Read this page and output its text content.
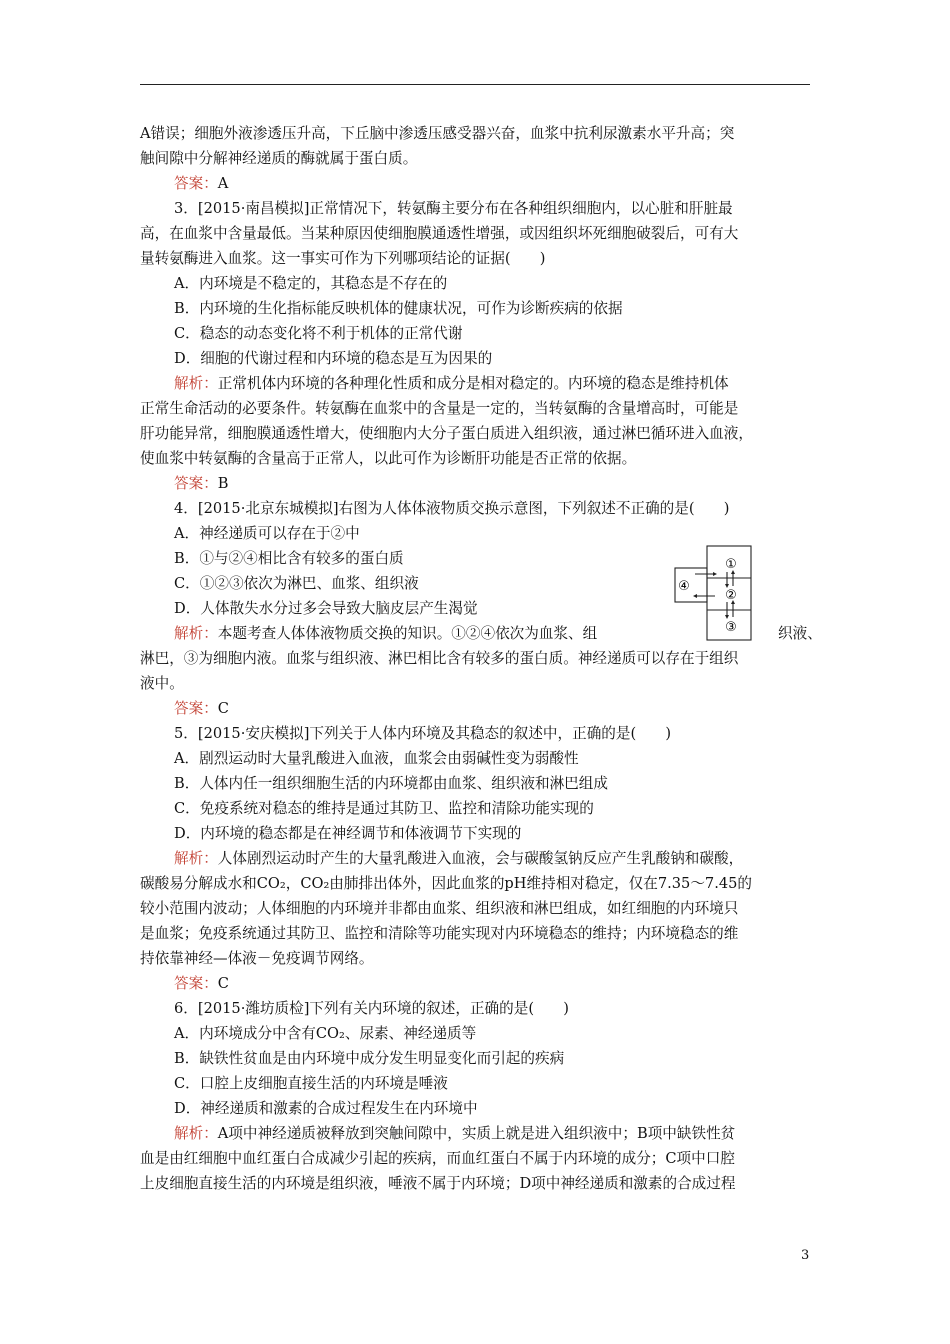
A错误；细胞外液渗透压升高，下丘脑中渗透压感受器兴奋，血浆中抗利尿激素水平升高；突
触间隙中分解神经递质的酶就属于蛋白质。
答案：A
3．[2015·南昌模拟]正常情况下，转氨酶主要分布在各种组织细胞内，以心脏和肝脏最
高，在血浆中含量最低。当某种原因使细胞膜通透性增强，或因组织坏死细胞破裂后，可有大
量转氨酶进入血浆。这一事实可作为下列哪项结论的证据(　　)
A．内环境是不稳定的，其稳态是不存在的
B．内环境的生化指标能反映机体的健康状况，可作为诊断疾病的依据
C．稳态的动态变化将不利于机体的正常代谢
D．细胞的代谢过程和内环境的稳态是互为因果的
解析：正常机体内环境的各种理化性质和成分是相对稳定的。内环境的稳态是维持机体
正常生命活动的必要条件。转氨酶在血浆中的含量是一定的，当转氨酶的含量增高时，可能是
肝功能异常，细胞膜通透性增大，使细胞内大分子蛋白质进入组织液，通过淋巴循环进入血液，
使血浆中转氨酶的含量高于正常人，以此可作为诊断肝功能是否正常的依据。
答案：B
4．[2015·北京东城模拟]右图为人体体液物质交换示意图，下列叙述不正确的是(　　)
A．神经递质可以存在于②中
B．①与②④相比含有较多的蛋白质
C．①②③依次为淋巴、血浆、组织液
D．人体散失水分过多会导致大脑皮层产生渴觉
解析：本题考查人体体液物质交换的知识。①②④依次为血浆、组	织液、
淋巴，③为细胞内液。血浆与组织液、淋巴相比含有较多的蛋白质。神经递质可以存在于组织
液中。
答案：C
①
②
③
④
5．[2015·安庆模拟]下列关于人体内环境及其稳态的叙述中，正确的是(　　)
A．剧烈运动时大量乳酸进入血液，血浆会由弱碱性变为弱酸性
B．人体内任一组织细胞生活的内环境都由血浆、组织液和淋巴组成
C．免疫系统对稳态的维持是通过其防卫、监控和清除功能实现的
D．内环境的稳态都是在神经调节和体液调节下实现的
解析：人体剧烈运动时产生的大量乳酸进入血液，会与碳酸氢钠反应产生乳酸钠和碳酸，
碳酸易分解成水和CO₂，CO₂由肺排出体外，因此血浆的pH维持相对稳定，仅在7.35～7.45的
较小范围内波动；人体细胞的内环境并非都由血浆、组织液和淋巴组成，如红细胞的内环境只
是血浆；免疫系统通过其防卫、监控和清除等功能实现对内环境稳态的维持；内环境稳态的维
持依靠神经—体液－免疫调节网络。
答案：C
6．[2015·潍坊质检]下列有关内环境的叙述，正确的是(　　)
A．内环境成分中含有CO₂、尿素、神经递质等
B．缺铁性贫血是由内环境中成分发生明显变化而引起的疾病
C．口腔上皮细胞直接生活的内环境是唾液
D．神经递质和激素的合成过程发生在内环境中
解析：A项中神经递质被释放到突触间隙中，实质上就是进入组织液中；B项中缺铁性贫
血是由红细胞中血红蛋白合成减少引起的疾病，而血红蛋白不属于内环境的成分；C项中口腔
上皮细胞直接生活的内环境是组织液，唾液不属于内环境；D项中神经递质和激素的合成过程
3
